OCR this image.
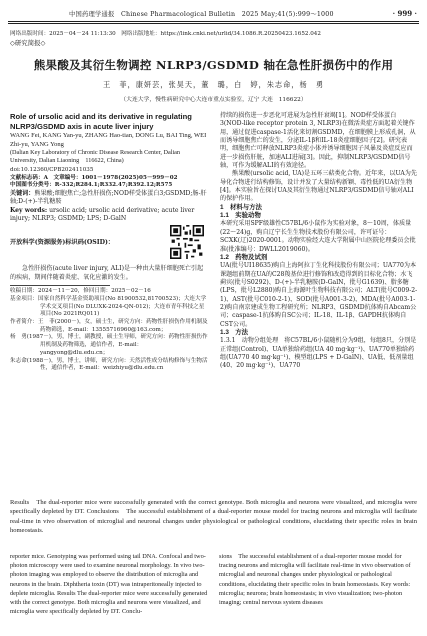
中国药理学通报　Chinese Pharmacological Bulletin　2025 May;41(5):999～1000	· 999 ·
网络出版时间：2025－04－24 11:13:30　网络出版地址：https://link.cnki.net/urlid/34.1086.R.20250423.1652.042
◇研究简报◇
熊果酸及其衍生物调控 NLRP3/GSDMD 轴在急性肝损伤中的作用
王　菲，康妍芸，张昊天，董　璐，白　婷，朱志命，杨　勇
（大连大学，慢性病研究中心大连市重点实验室，辽宁 大连　116622）

Role of ursolic acid and its derivative in regulating NLRP3/GSDMD axis in acute liver injury

WANG Fei, KANG Yan-yu, ZHANG Hao-tian, DONG Lu, BAI Ting, WEI Zhi-yu, YANG Yong

(Dalian Key Laboratory of Chronic Disease Research Center, Dalian University, Dalian Liaoning　116622, China)

doi:10.12360/CPB202411035

文献标志码：A　文章编号：1001－1978(2025)05－999－02

中国图书分类号：R-332;R284.1;R332.47;R392.12;R575

关键词：熊果酸;细胞焦亡;急性肝损伤;NOD样受体蛋白3;GSDMD;肠-肝轴;D-(+)-半乳糖胺

Key words: ursolic acid; ursolic acid derivative; acute liver injury; NLRP3; GSDMD; LPS; D-GalN

开放科学(资源服务)标识码(OSID)：

急性肝损伤(acute liver injury, ALI)是一种由大量肝细胞死亡引起的疾病，期间伴随着炎症、氧化应激的发生。

收稿日期：2024－11－20，修回日期：2025－02－16

基金项目：国家自然科学基金资助项目(No 81900532,81700523)；大连大学学术交叉项目(No DLUXK-2024-QN-012)；大连市青年科技之星项目(No 2021RQ011)

作者简介：王　菲(2000－)，女，硕士生，研究方向：药物性肝损伤作用机制及药物筛选，E-mail：13555716960@163.com；

杨　勇(1987－)，男，博士，副教授，硕士生导师，研究方向：药物性肝损伤作用机制及药物筛选，通信作者，E-mail：yangyong@dlu.edu.cn；

朱志命(1988－)，男，博士，讲师，研究方向：天然活性成分结构修饰与生物活性，通信作者，E-mail：weizhiyu@dlu.edu.cn

持续的损伤进一步恶化可进展为急性肝衰竭[1]。NOD样受体蛋白3(NOD-like receptor protein 3, NLRP3)在微活炎症方面起着关键作用，通过促进caspase-1活化来切割GSDMD，在细胞膜上形成孔洞，从而诱导细胞焦亡的发生，分泌IL-1β和IL-18炎症细胞因子[2]。研究表明，细胞焦亡可释放NLRP3炎症小体并诱导细胞因子风暴及炎症反应而进一步损伤肝脏，加速ALI进展[3]。因此，抑制NLRP3/GSDMD信号轴，可作为缓解ALI的有效途径。

熊果酸(ursolic acid, UA)是五环三萜类化合物。近年来，以UA为先导化合物进行结构修饰，设计并发了大量结构新颖、毒性低的UA衍生物[4]。本实验旨在探讨UA及其衍生物通过NLRP3/GSDMD信号轴对ALI的保护作用。

1　材料与方法

1.1　实验动物

本研究采用SPF级雄性C57BL/6小鼠作为实验对象，8～10周，体质量(22～24)g，购自辽宁长生生物技术股份有限公司，许可证号：SCXK(辽)2020-0001。动物实验经大连大学附属中山医院伦理委员会批准(批准编号：DWLL2019060)。

1.2　药物及试剂

UA(批号UI18635)购自上海阿拉丁生化科技股份有限公司；UA770为本课题组前期在UA的C28羧基位进行修饰和改造得到的目标化合物；水飞蓟宾(批号S0292)、D-(+)-半乳糖胺(D-GalN，批号G1639)、脂多糖(LPS，批号L2880)购自上海源叶生物科技有限公司；ALT(批号C009-2-1)、AST(批号C010-2-1)、SOD(批号A001-3-2)、MDA(批号A003-1-2)购自南京建成生物工程研究所；NLRP3、GSDMD抗体购自Abcam公司；caspase-1抗体购自SC公司；IL-18、IL-1β、GAPDH抗体购自CST公司。

1.3　方法

1.3.1　动物分组处理　将C57BL/6小鼠随机分为9组，每组8只，分别是正常组(Control)、UA单独给药组(UA 40 mg·kg⁻¹)、UA770单独给药组(UA770 40 mg·kg⁻¹)、模型组(LPS + D-GalN)、UA低、低剂量组(40、20 mg·kg⁻¹)、UA770

Results　The dual-reporter mice were successfully generated with the correct genotype. Both microglia and neurons were visualized, and microglia were specifically depleted by DT. Conclusions　The successful establishment of a dual-reporter mouse model for tracing neurons and microglia will facilitate real-time in vivo observation of microglial and neuronal changes under physiological or pathological conditions, elucidating their specific roles in brain homeostasis.

reporter mice. Genotyping was performed using tail DNA. Confocal and two-photon microscopy were used to examine neuronal morphology. In vivo two-photon imaging was employed to observe the distribution of microglia and neurons in the brain. Diphtheria toxin (DT) was intraperitoneally injected to deplete microglia. Results The dual-reporter mice were successfully generated with the correct genotype. Both microglia and neurons were visualized, and microglia were specifically depleted by DT. Conclu-

sions　The successful establishment of a dual-reporter mouse model for tracing neurons and microglia will facilitate real-time in vivo observation of microglial and neuronal changes under physiological or pathological conditions, elucidating their specific roles in brain homeostasis. Key words: microglia; neurons; brain homeostasis; in vivo visualization; two-photon imaging; central nervous system diseases
